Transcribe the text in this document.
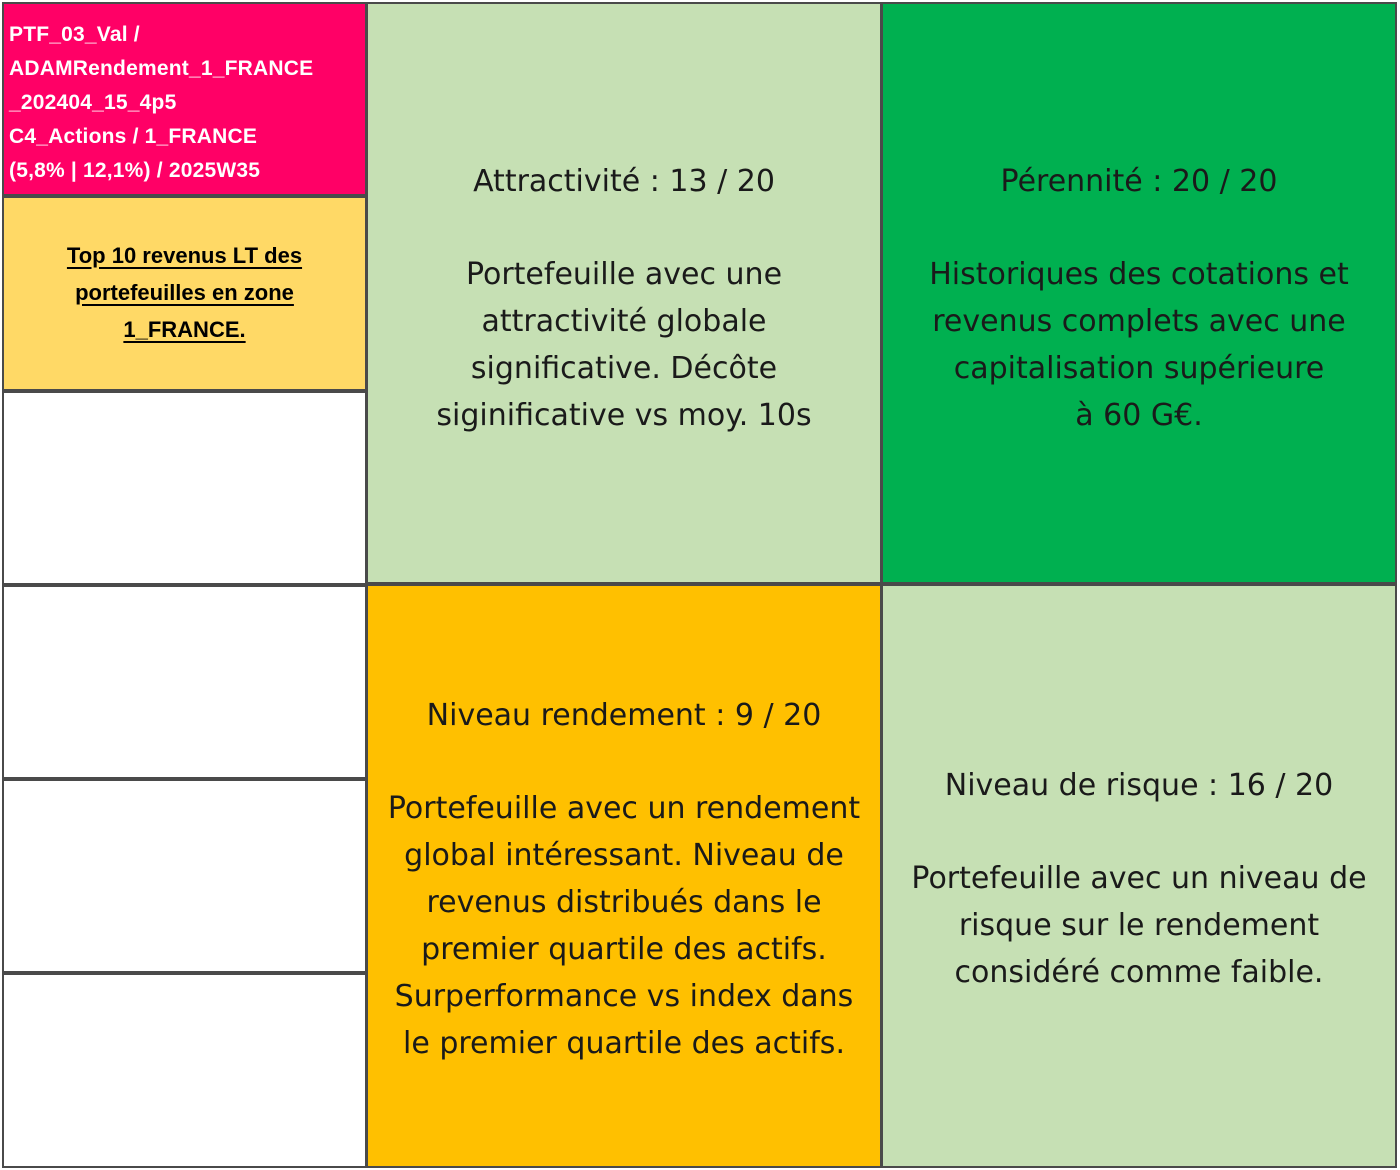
PTF_03_Val /
ADAMRendement_1_FRANCE
_202404_15_4p5
C4_Actions / 1_FRANCE
(5,8% | 12,1%) / 2025W35
Top 10 revenus LT des
portefeuilles en zone
1_FRANCE.
Attractivité : 13 / 20
Portefeuille avec une
attractivité globale
significative. Décôte
siginificative vs moy. 10s
Pérennité : 20 / 20
Historiques des cotations et
revenus complets avec une
capitalisation supérieure
à 60 G€.
Niveau rendement : 9 / 20
Portefeuille avec un rendement
global intéressant. Niveau de
revenus distribués dans le
premier quartile des actifs.
Surperformance vs index dans
le premier quartile des actifs.
Niveau de risque : 16 / 20
Portefeuille avec un niveau de
risque sur le rendement
considéré comme faible.
